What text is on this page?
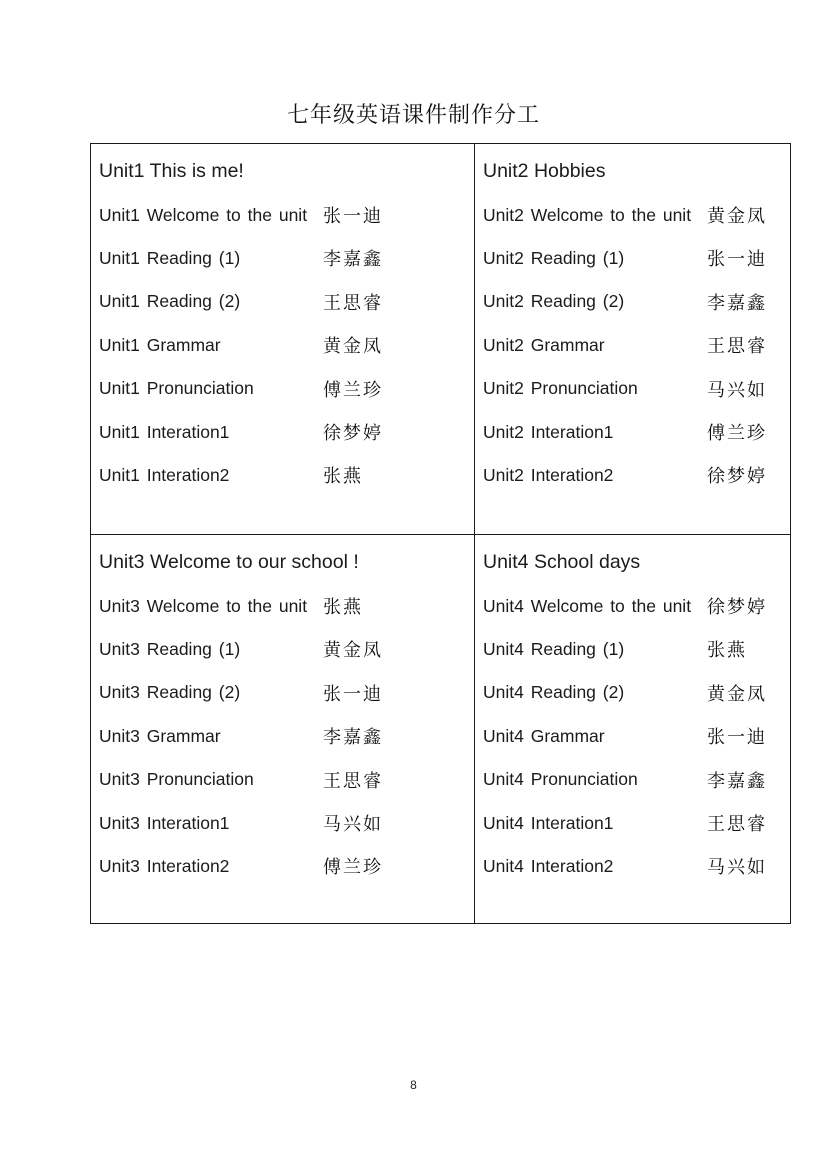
七年级英语课件制作分工
Unit1 This is me!
Unit1 Welcome to the unit 张一迪
Unit1 Reading (1)	李嘉鑫
Unit1 Reading (2)	王思睿
Unit1 Grammar	黄金凤
Unit1 Pronunciation	傅兰珍
Unit1 Interation1	徐梦婷
Unit1 Interation2	张燕
Unit2 Hobbies
Unit2 Welcome to the unit 黄金凤
Unit2 Reading (1)	张一迪
Unit2 Reading (2)	李嘉鑫
Unit2 Grammar	王思睿
Unit2 Pronunciation	马兴如
Unit2 Interation1	傅兰珍
Unit2 Interation2	徐梦婷
Unit3 Welcome to our school !
Unit3 Welcome to the unit 张燕
Unit3 Reading (1)	黄金凤
Unit3 Reading (2)	张一迪
Unit3 Grammar	李嘉鑫
Unit3 Pronunciation	王思睿
Unit3 Interation1	马兴如
Unit3 Interation2	傅兰珍
Unit4 School days
Unit4 Welcome to the unit 徐梦婷
Unit4 Reading (1)	张燕
Unit4 Reading (2)	黄金凤
Unit4 Grammar	张一迪
Unit4 Pronunciation	李嘉鑫
Unit4 Interation1	王思睿
Unit4 Interation2	马兴如
8
